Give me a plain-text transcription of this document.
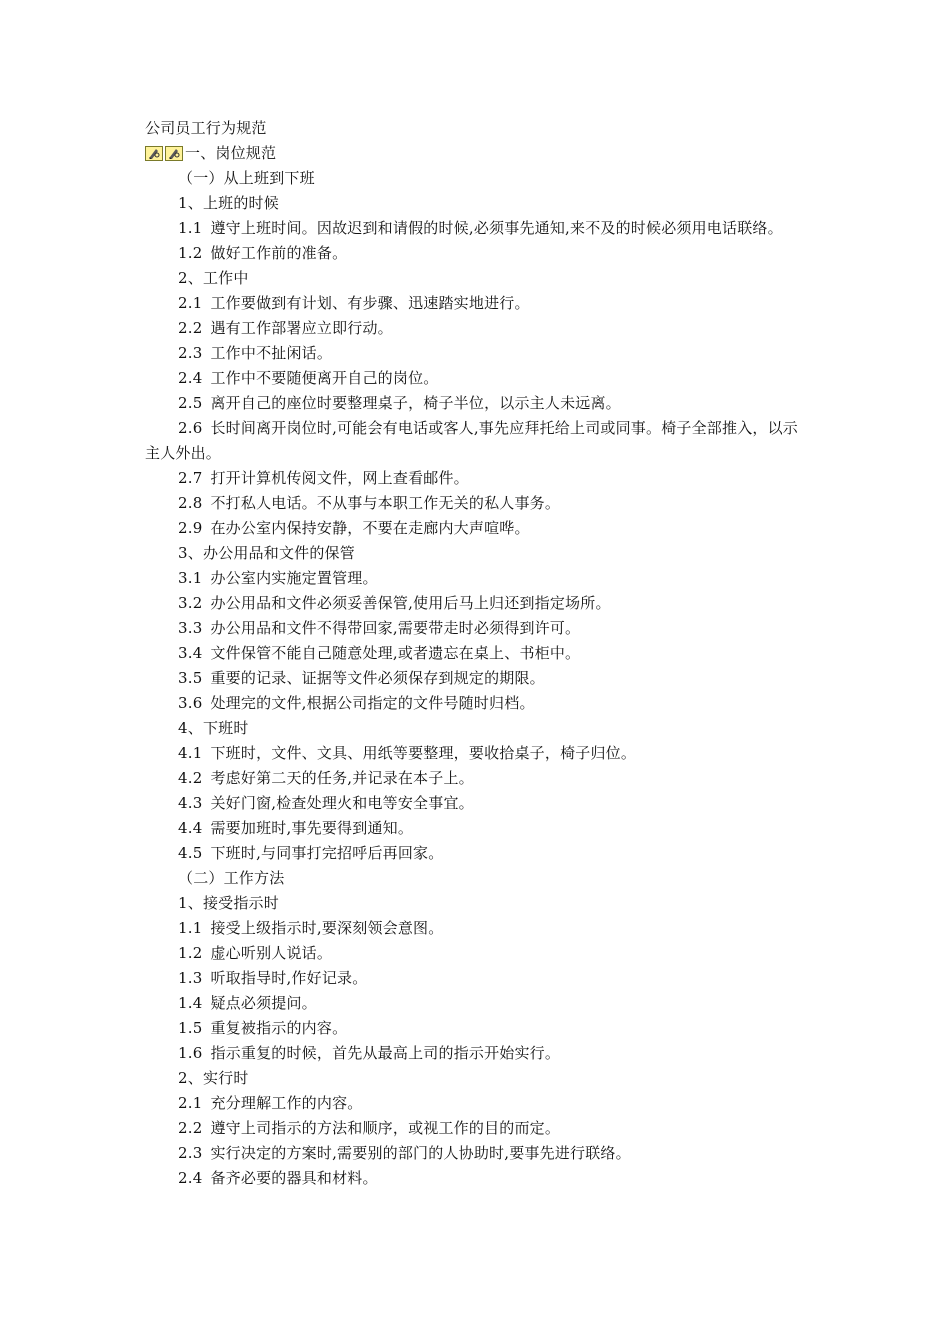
公司员工行为规范
一、岗位规范
（一）从上班到下班
1、上班的时候
1.1 遵守上班时间。因故迟到和请假的时候,必须事先通知,来不及的时候必须用电话联络。
1.2 做好工作前的准备。
2、工作中
2.1 工作要做到有计划、有步骤、迅速踏实地进行。
2.2 遇有工作部署应立即行动。
2.3 工作中不扯闲话。
2.4 工作中不要随便离开自己的岗位。
2.5 离开自己的座位时要整理桌子，椅子半位，以示主人未远离。
2.6 长时间离开岗位时,可能会有电话或客人,事先应拜托给上司或同事。椅子全部推入，以示主人外出。
2.7 打开计算机传阅文件，网上查看邮件。
2.8 不打私人电话。不从事与本职工作无关的私人事务。
2.9 在办公室内保持安静，不要在走廊内大声喧哗。
3、办公用品和文件的保管
3.1 办公室内实施定置管理。
3.2 办公用品和文件必须妥善保管,使用后马上归还到指定场所。
3.3 办公用品和文件不得带回家,需要带走时必须得到许可。
3.4 文件保管不能自己随意处理,或者遗忘在桌上、书柜中。
3.5 重要的记录、证据等文件必须保存到规定的期限。
3.6 处理完的文件,根据公司指定的文件号随时归档。
4、下班时
4.1 下班时，文件、文具、用纸等要整理，要收拾桌子，椅子归位。
4.2 考虑好第二天的任务,并记录在本子上。
4.3 关好门窗,检查处理火和电等安全事宜。
4.4 需要加班时,事先要得到通知。
4.5 下班时,与同事打完招呼后再回家。
（二）工作方法
1、接受指示时
1.1 接受上级指示时,要深刻领会意图。
1.2 虚心听别人说话。
1.3 听取指导时,作好记录。
1.4 疑点必须提问。
1.5 重复被指示的内容。
1.6 指示重复的时候，首先从最高上司的指示开始实行。
2、实行时
2.1 充分理解工作的内容。
2.2 遵守上司指示的方法和顺序，或视工作的目的而定。
2.3 实行决定的方案时,需要别的部门的人协助时,要事先进行联络。
2.4 备齐必要的器具和材料。
